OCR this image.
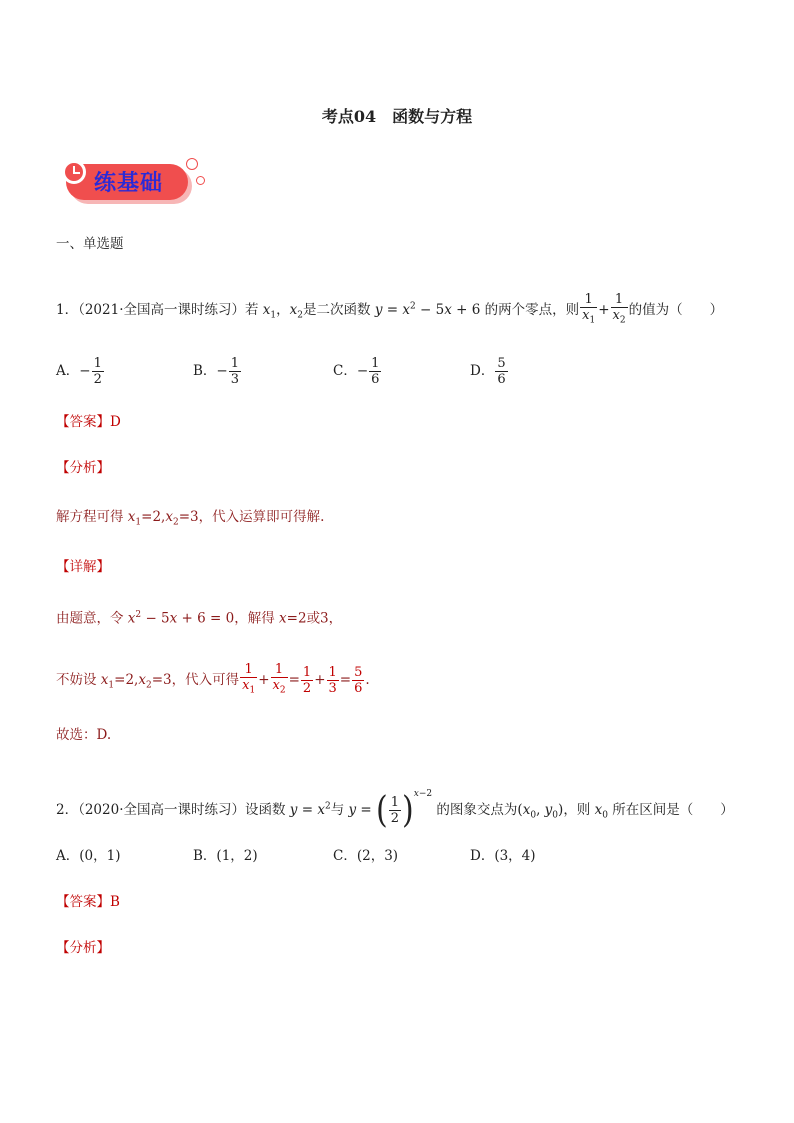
考点04　函数与方程
练基础
一、单选题
1．（2021·全国高一课时练习）若 $x_1$，$x_2$是二次函数 $y = x^2 - 5x + 6$ 的两个零点，则 $\frac{1}{x_1} + \frac{1}{x_2}$ 的值为（　　）
A．− $\frac{1}{2}$	B．− $\frac{1}{3}$	C．− $\frac{1}{6}$	D． $\frac{5}{6}$
【答案】D
【分析】
解方程可得 $x_1=2,x_2=3$，代入运算即可得解.
【详解】
由题意，令 $x^2 - 5x + 6 = 0$，解得 x=2或3，
不妨设 $x_1=2,x_2=3$，代入可得 $\frac{1}{x_1} + \frac{1}{x_2} = \frac{1}{2} + \frac{1}{3} = \frac{5}{6}$ .
故选：D.
2．（2020·全国高一课时练习）设函数 $y = x^2$与 y = ( $\frac{1}{2} )^{x-2}$ 的图象交点为($x_0$, $y_0$)，则 $x_0$ 所在区间是（　　）
A．(0，1)	B．(1，2)	C．(2，3)	D．(3，4)
【答案】B
【分析】
